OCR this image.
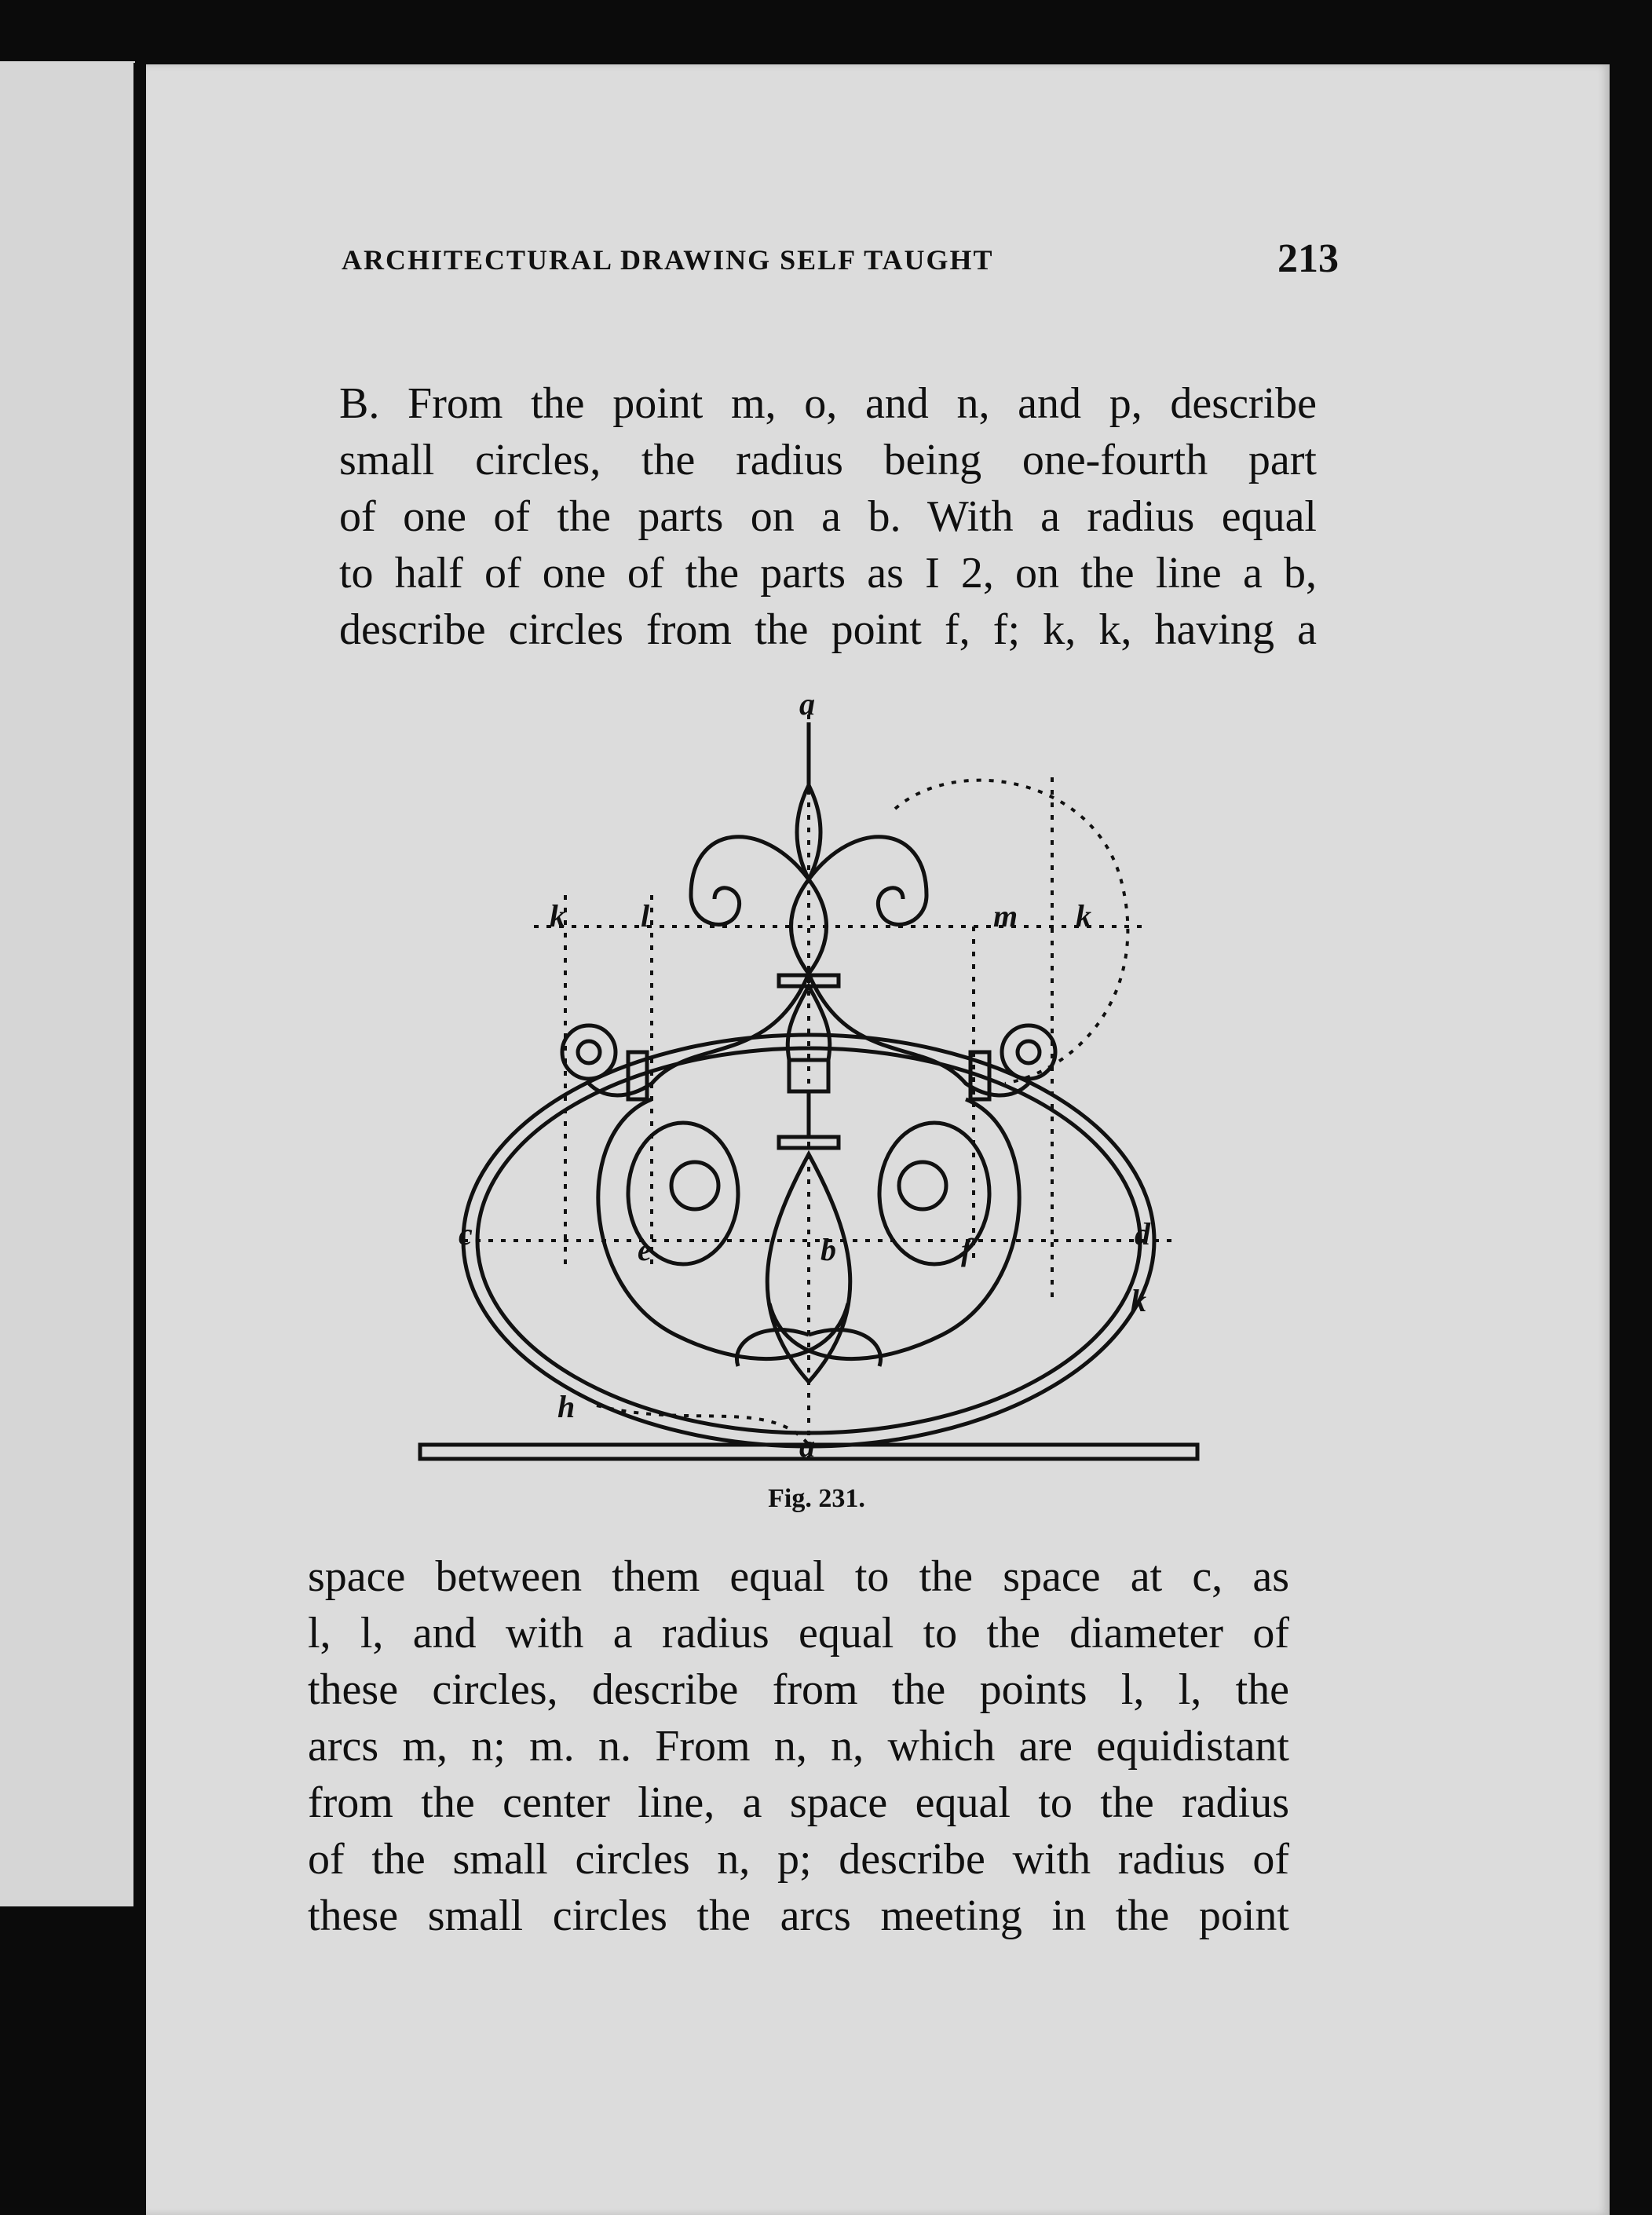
ARCHITECTURAL DRAWING SELF TAUGHT	213
B. From the point m, o, and n, and p, describe
small circles, the radius being one-fourth part
of one of the parts on a b. With a radius equal
to half of one of the parts as I 2, on the line a b,
describe circles from the point f, f; k, k, having a
a
k l	m k
c	e	b	f	d
k
h
a
Fig. 231.
space between them equal to the space at c, as
l, l, and with a radius equal to the diameter of
these circles, describe from the points l, l, the
arcs m, n; m. n. From n, n, which are equidistant
from the center line, a space equal to the radius
of the small circles n, p; describe with radius of
these small circles the arcs meeting in the point
